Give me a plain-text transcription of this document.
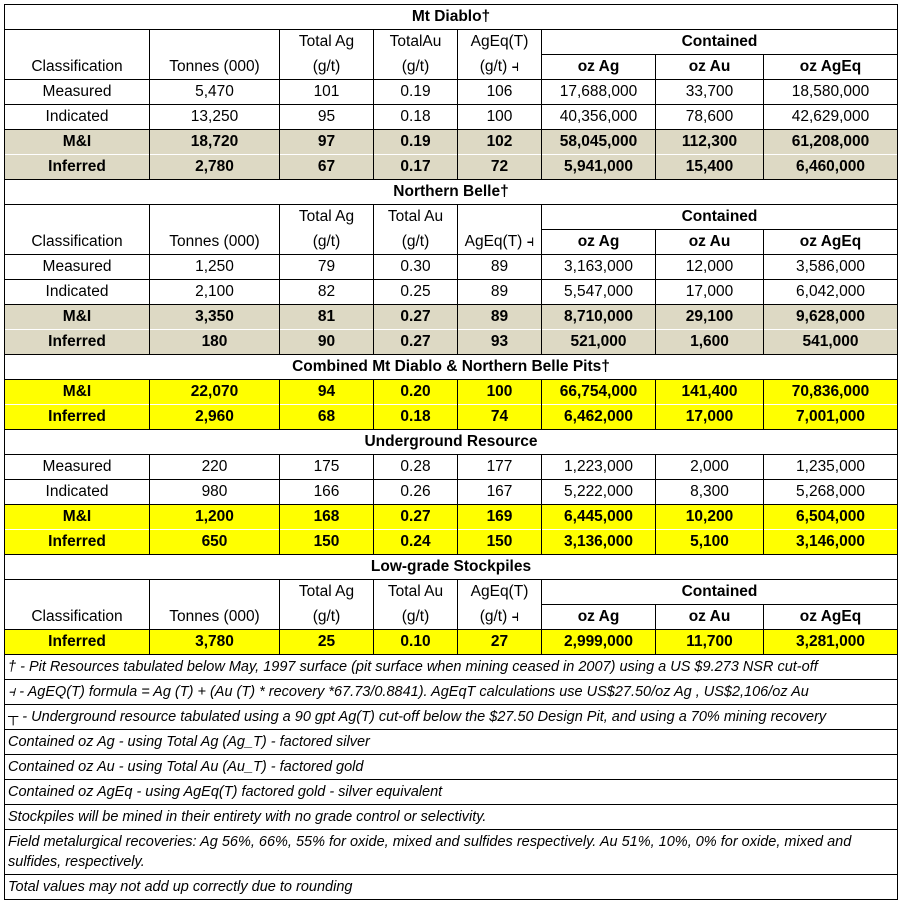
Mt Diablo†							
		Total Ag	TotalAu	AgEq(T)	Contained		
Classification	Tonnes (000)	(g/t)	(g/t)	(g/t) ⫞	oz Ag	oz Au	oz AgEq
Measured	5,470	101	0.19	106	17,688,000	33,700	18,580,000
Indicated	13,250	95	0.18	100	40,356,000	78,600	42,629,000
M&I	18,720	97	0.19	102	58,045,000	112,300	61,208,000
Inferred	2,780	67	0.17	72	5,941,000	15,400	6,460,000
Northern Belle†							
		Total Ag	Total Au		Contained		
Classification	Tonnes (000)	(g/t)	(g/t)	AgEq(T) ⫞	oz Ag	oz Au	oz AgEq
Measured	1,250	79	0.30	89	3,163,000	12,000	3,586,000
Indicated	2,100	82	0.25	89	5,547,000	17,000	6,042,000
M&I	3,350	81	0.27	89	8,710,000	29,100	9,628,000
Inferred	180	90	0.27	93	521,000	1,600	541,000
Combined Mt Diablo & Northern Belle Pits†							
M&I	22,070	94	0.20	100	66,754,000	141,400	70,836,000
Inferred	2,960	68	0.18	74	6,462,000	17,000	7,001,000
Underground Resource							
Measured	220	175	0.28	177	1,223,000	2,000	1,235,000
Indicated	980	166	0.26	167	5,222,000	8,300	5,268,000
M&I	1,200	168	0.27	169	6,445,000	10,200	6,504,000
Inferred	650	150	0.24	150	3,136,000	5,100	3,146,000
Low-grade Stockpiles							
		Total Ag	Total Au	AgEq(T)	Contained		
Classification	Tonnes (000)	(g/t)	(g/t)	(g/t) ⫞	oz Ag	oz Au	oz AgEq
Inferred	3,780	25	0.10	27	2,999,000	11,700	3,281,000
† - Pit Resources tabulated below May, 1997 surface (pit surface when mining ceased in 2007) using a US $9.273 NSR cut-off							
⫞ - AgEQ(T) formula = Ag (T) + (Au (T) * recovery *67.73/0.8841). AgEqT calculations use US$27.50/oz Ag , US$2,106/oz Au							
┬ - Underground resource tabulated using a 90 gpt Ag(T) cut-off below the $27.50 Design Pit, and using a 70% mining recovery							
Contained oz Ag - using Total Ag (Ag_T) - factored silver							
Contained oz Au - using Total Au (Au_T) - factored gold							
Contained oz AgEq - using AgEq(T) factored gold - silver equivalent							
Stockpiles will be mined in their entirety with no grade control or selectivity.							
Field metalurgical recoveries: Ag 56%, 66%, 55% for oxide, mixed and sulfides respectively. Au 51%, 10%, 0% for oxide, mixed and sulfides, respectively.							
Total values may not add up correctly due to rounding							
